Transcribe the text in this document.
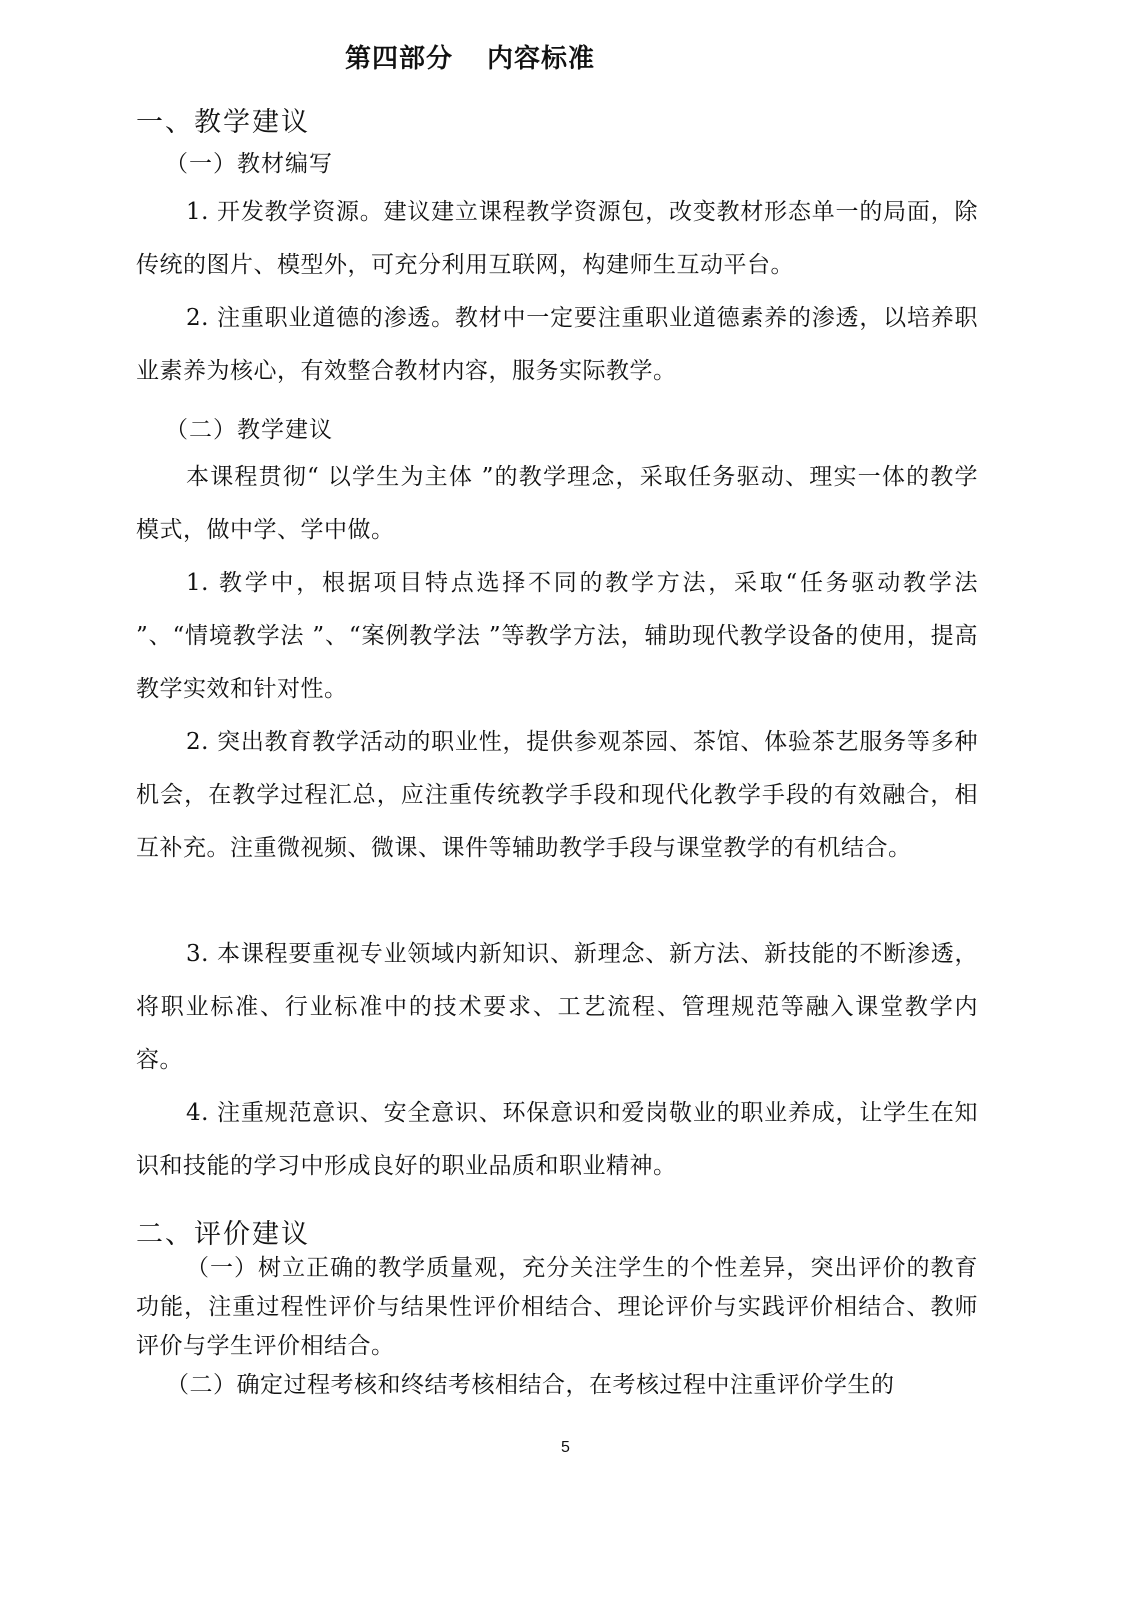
第四部分 内容标准
一、教学建议
（一）教材编写

1. 开发教学资源。建议建立课程教学资源包，改变教材形态单一的局面，除传统的图片、模型外，可充分利用互联网，构建师生互动平台。

2. 注重职业道德的渗透。教材中一定要注重职业道德素养的渗透，以培养职业素养为核心，有效整合教材内容，服务实际教学。

（二）教学建议

本课程贯彻“ 以学生为主体 ”的教学理念，采取任务驱动、理实一体的教学模式，做中学、学中做。

1. 教学中，根据项目特点选择不同的教学方法，采取“任务驱动教学法 ”、“情境教学法 ”、“案例教学法 ”等教学方法，辅助现代教学设备的使用，提高教学实效和针对性。

2. 突出教育教学活动的职业性，提供参观茶园、茶馆、体验茶艺服务等多种机会，在教学过程汇总，应注重传统教学手段和现代化教学手段的有效融合，相互补充。注重微视频、微课、课件等辅助教学手段与课堂教学的有机结合。

3. 本课程要重视专业领域内新知识、新理念、新方法、新技能的不断渗透，将职业标准、行业标准中的技术要求、工艺流程、管理规范等融入课堂教学内容。

4. 注重规范意识、安全意识、环保意识和爱岗敬业的职业养成，让学生在知识和技能的学习中形成良好的职业品质和职业精神。

二、评价建议

（一）树立正确的教学质量观，充分关注学生的个性差异，突出评价的教育功能，注重过程性评价与结果性评价相结合、理论评价与实践评价相结合、教师评价与学生评价相结合。

（二）确定过程考核和终结考核相结合，在考核过程中注重评价学生的

5
